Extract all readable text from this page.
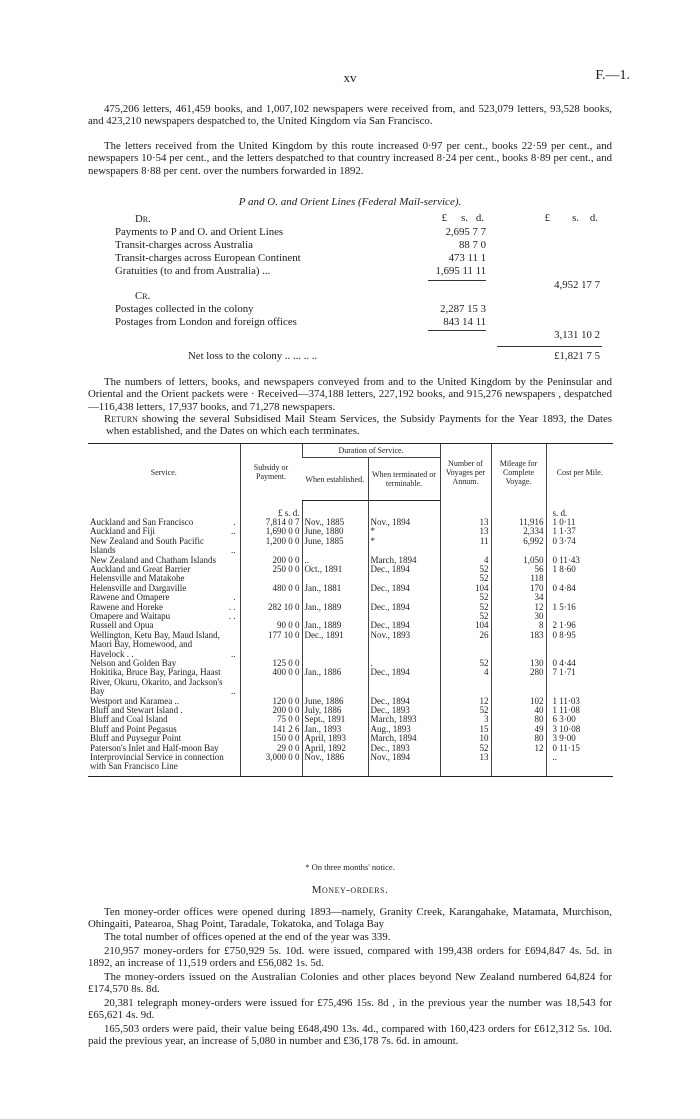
xv	F.—1.

475,206 letters, 461,459 books, and 1,007,102 newspapers were received from, and 523,079 letters, 93,528 books, and 423,210 newspapers despatched to, the United Kingdom via San Francisco.

The letters received from the United Kingdom by this route increased 0·97 per cent., books 22·59 per cent., and newspapers 10·54 per cent., and the letters despatched to that country increased 8·24 per cent., books 8·89 per cent., and newspapers 8·88 per cent. over the numbers forwarded in 1892.

P and O. and Orient Lines (Federal Mail-service).
Dr.	£	s. d.	£	s.	d.
Payments to P and O. and Orient Lines	2,695 7 7
Transit-charges across Australia	88 7 0
Transit-charges across European Continent	473 11 1
Gratuities (to and from Australia) ...	1,695 11 11
4,952 17 7
Cr.
Postages collected in the colony	2,287 15 3
Postages from London and foreign offices	843 14 11
3,131 10 2
Net loss to the colony .. ... .. ..	£1,821 7 5

The numbers of letters, books, and newspapers conveyed from and to the United Kingdom by the Peninsular and Oriental and the Orient packets were · Received—374,188 letters, 227,192 books, and 915,276 newspapers , despatched—116,438 letters, 17,937 books, and 71,278 newspapers.

Return showing the several Subsidised Mail Steam Services, the Subsidy Payments for the Year 1893, the Dates when established, and the Dates on which each terminates.

Service.	Subsidy or Payment.	Duration of Service.		Number of Voyages per Annum.	Mileage for Complete Voyage.	Cost per Mile.
		When established.	When terminated or terminable.			
	£ s. d.					s. d.

Auckland and San Francisco .	7,814 0 7	Nov., 1885	Nov., 1894	13	11,916	1 0·11

Auckland and Fiji ..	1,690 0 0	June, 1880	*	13	2,334	1 1·37

New Zealand and South Pacific Islands ..	1,200 0 0	June, 1885	*	11	6,992	0 3·74

New Zealand and Chatham Islands	200 0 0	..	March, 1894	4	1,050	0 11·43

Auckland and Great Barrier	250 0 0	Oct., 1891	Dec., 1894	52	56	1 8·60

Helensville and Matakohe				52	118	

Helensville and Dargaville	480 0 0	Jan., 1881	Dec., 1894	104	170	0 4·84

Rawene and Omapere .				52	34	

Rawene and Horeke . .	282 10 0	Jan., 1889	Dec., 1894	52	12	1 5·16

Omapere and Waitapu . .				52	30	

Russell and Opua	90 0 0	Jan., 1889	Dec., 1894	104	8	2 1·96

Wellington, Ketu Bay, Maud Island, Maori Bay, Homewood, and Havelock . . ..	177 10 0	Dec., 1891	Nov., 1893	26	183	0 8·95

Nelson and Golden Bay	125 0 0		.	52	130	0 4·44

Hokitika, Bruce Bay, Paringa, Haast River, Okuru, Okarito, and Jackson's Bay ..	400 0 0	Jan., 1886	Dec., 1894	4	280	7 1·71

Westport and Karamea ..	120 0 0	June, 1886	Dec., 1894	12	102	1 11·03

Bluff and Stewart Island .	200 0 0	July, 1886	Dec., 1893	52	40	1 11·08

Bluff and Coal Island	75 0 0	Sept., 1891	March, 1893	3	80	6 3·00

Bluff and Point Pegasus	141 2 6	Jan., 1893	Aug., 1893	15	49	3 10·08

Bluff and Puysegur Point	150 0 0	April, 1893	March, 1894	10	80	3 9·00

Paterson's Inlet and Half-moon Bay	29 0 0	April, 1892	Dec., 1893	52	12	0 11·15

Interprovincial Service in connection with San Francisco Line	3,000 0 0	Nov., 1886	Nov., 1894	13		..
* On three months' notice.
Money-orders.

Ten money-order offices were opened during 1893—namely, Granity Creek, Karangahake, Matamata, Murchison, Ohingaiti, Patearoa, Shag Point, Taradale, Tokatoka, and Tolaga Bay

The total number of offices opened at the end of the year was 339.

210,957 money-orders for £750,929 5s. 10d. were issued, compared with 199,438 orders for £694,847 4s. 5d. in 1892, an increase of 11,519 orders and £56,082 1s. 5d.

The money-orders issued on the Australian Colonies and other places beyond New Zealand numbered 64,824 for £174,570 8s. 8d.

20,381 telegraph money-orders were issued for £75,496 15s. 8d , in the previous year the number was 18,543 for £65,621 4s. 9d.

165,503 orders were paid, their value being £648,490 13s. 4d., compared with 160,423 orders for £612,312 5s. 10d. paid the previous year, an increase of 5,080 in number and £36,178 7s. 6d. in amount.
